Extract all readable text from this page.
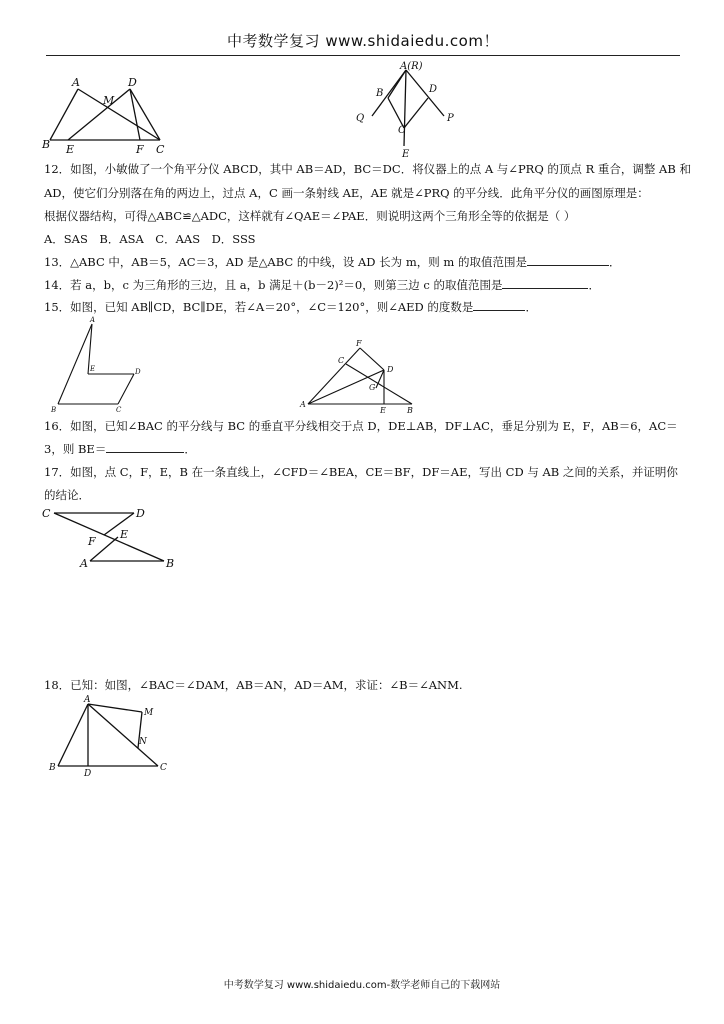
中考数学复习 www.shidaiedu.com！
A	D
M
B E	F C
A(R)
B	D
Q	P
C
E
12．如图，小敏做了一个角平分仪 ABCD，其中 AB＝AD，BC＝DC．将仪器上的点 A 与∠PRQ 的顶点 R 重合，调整 AB 和
AD，使它们分别落在角的两边上，过点 A，C 画一条射线 AE，AE 就是∠PRQ 的平分线．此角平分仪的画图原理是：
根据仪器结构，可得△ABC≌△ADC，这样就有∠QAE＝∠PAE．则说明这两个三角形全等的依据是（ ）
A．SAS　B．ASA　C．AAS　D．SSS
13．△ABC 中，AB＝5，AC＝3，AD 是△ABC 的中线，设 AD 长为 m，则 m 的取值范围是	．
14．若 a，b，c 为三角形的三边，且 a，b 满足＋(b－2)²＝0，则第三边 c 的取值范围是	．
15．如图，已知 AB∥CD，BC∥DE，若∠A＝20°，∠C＝120°，则∠AED 的度数是	．
A
E	D
B	C
F
C
D
G
A
E	B
16．如图，已知∠BAC 的平分线与 BC 的垂直平分线相交于点 D，DE⊥AB，DF⊥AC，垂足分别为 E，F，AB＝6，AC＝
3，则 BE＝	．
17．如图，点 C，F，E，B 在一条直线上，∠CFD＝∠BEA，CE＝BF，DF＝AE，写出 CD 与 AB 之间的关系，并证明你
的结论．
C	D
E
F
A	B
18．已知：如图，∠BAC＝∠DAM，AB＝AN，AD＝AM，求证：∠B＝∠ANM.
A
M
N
B
D
C
中考数学复习 www.shidaiedu.com-数学老师自己的下载网站
